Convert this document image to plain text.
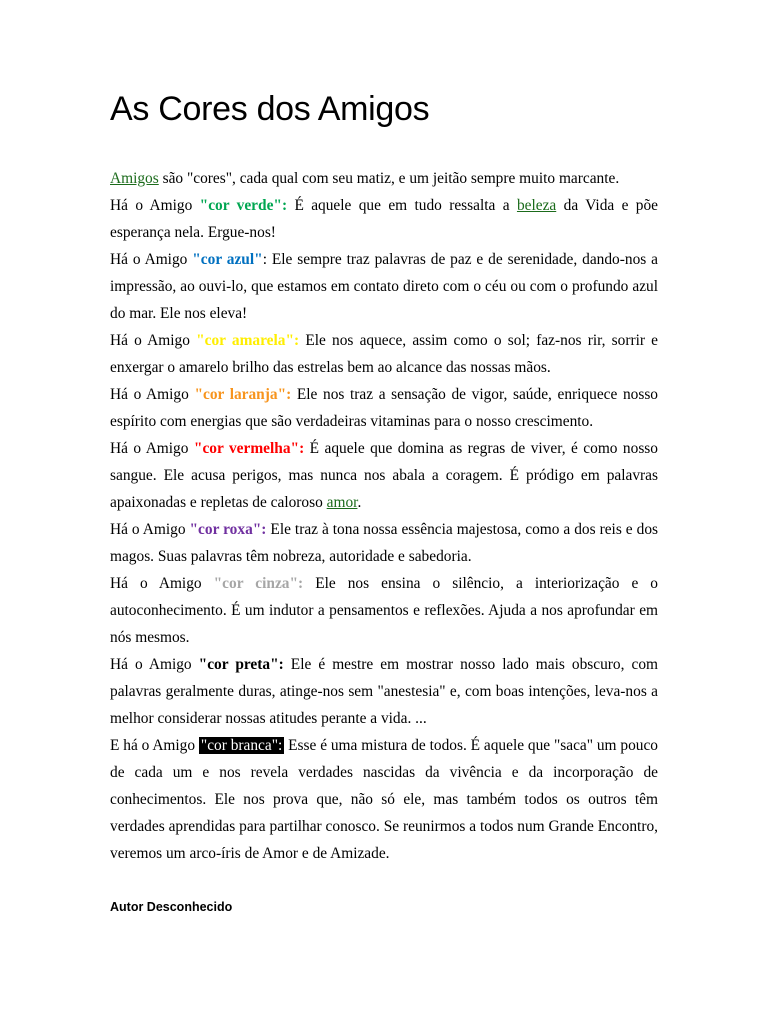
As Cores dos Amigos

Amigos são "cores", cada qual com seu matiz, e um jeitão sempre muito marcante.

Há o Amigo "cor verde": É aquele que em tudo ressalta a beleza da Vida e põe esperança nela. Ergue-nos!

Há o Amigo "cor azul": Ele sempre traz palavras de paz e de serenidade, dando-nos a impressão, ao ouvi-lo, que estamos em contato direto com o céu ou com o profundo azul do mar. Ele nos eleva!

Há o Amigo "cor amarela": Ele nos aquece, assim como o sol; faz-nos rir, sorrir e enxergar o amarelo brilho das estrelas bem ao alcance das nossas mãos.

Há o Amigo "cor laranja": Ele nos traz a sensação de vigor, saúde, enriquece nosso espírito com energias que são verdadeiras vitaminas para o nosso crescimento.

Há o Amigo "cor vermelha": É aquele que domina as regras de viver, é como nosso sangue. Ele acusa perigos, mas nunca nos abala a coragem. É pródigo em palavras apaixonadas e repletas de caloroso amor.

Há o Amigo "cor roxa": Ele traz à tona nossa essência majestosa, como a dos reis e dos magos. Suas palavras têm nobreza, autoridade e sabedoria.

Há o Amigo "cor cinza": Ele nos ensina o silêncio, a interiorização e o autoconhecimento. É um indutor a pensamentos e reflexões. Ajuda a nos aprofundar em nós mesmos.

Há o Amigo "cor preta": Ele é mestre em mostrar nosso lado mais obscuro, com palavras geralmente duras, atinge-nos sem "anestesia" e, com boas intenções, leva-nos a melhor considerar nossas atitudes perante a vida. ...

E há o Amigo "cor branca": Esse é uma mistura de todos. É aquele que "saca" um pouco de cada um e nos revela verdades nascidas da vivência e da incorporação de conhecimentos. Ele nos prova que, não só ele, mas também todos os outros têm verdades aprendidas para partilhar conosco. Se reunirmos a todos num Grande Encontro, veremos um arco-íris de Amor e de Amizade.

Autor Desconhecido
